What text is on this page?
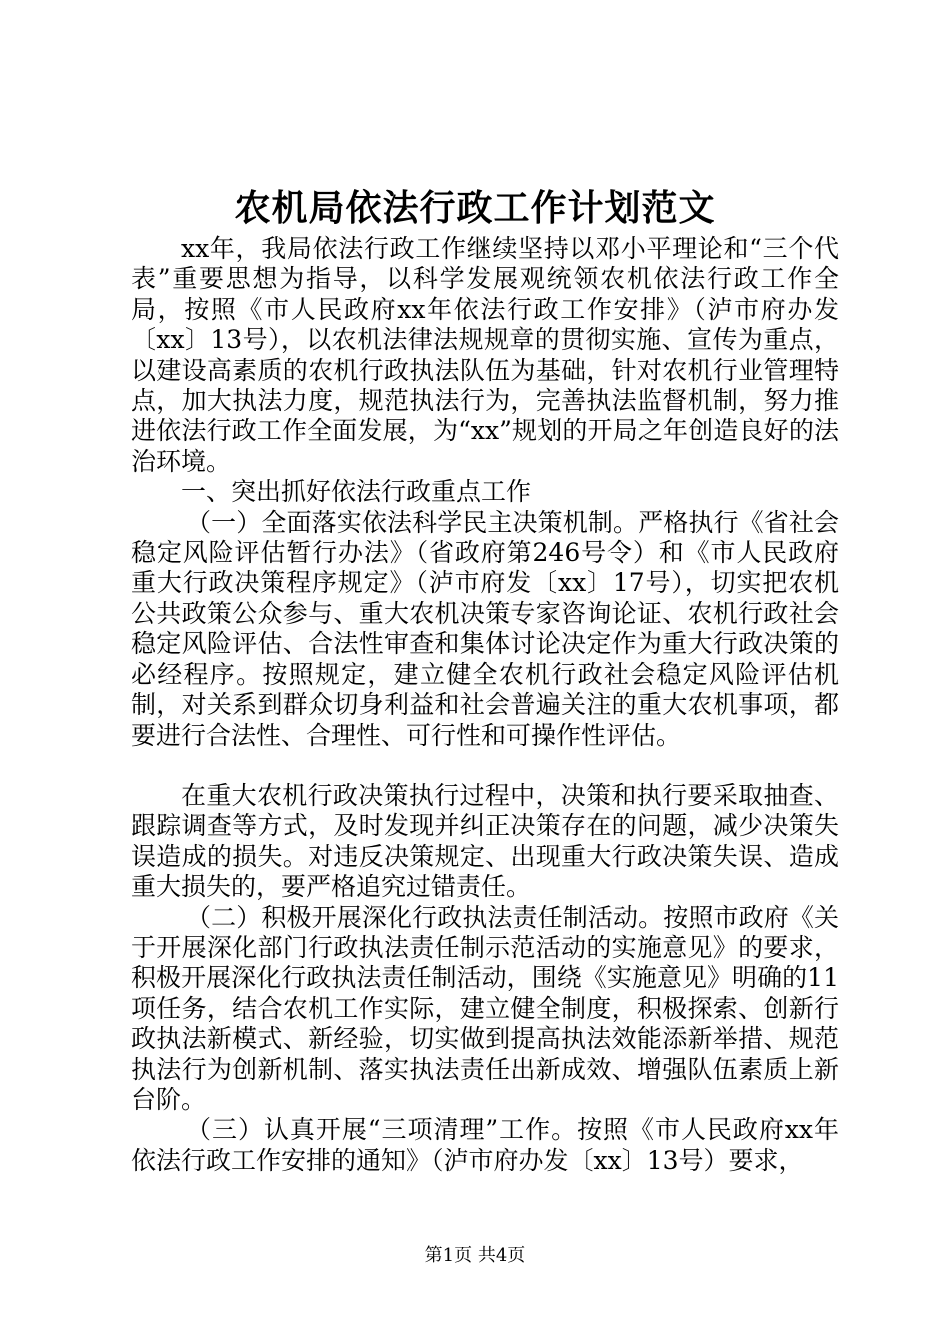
农机局依法行政工作计划范文

xx年，我局依法行政工作继续坚持以邓小平理论和“三个代表”重要思想为指导，以科学发展观统领农机依法行政工作全局，按照《市人民政府xx年依法行政工作安排》（泸市府办发〔xx〕13号），以农机法律法规规章的贯彻实施、宣传为重点，以建设高素质的农机行政执法队伍为基础，针对农机行业管理特点，加大执法力度，规范执法行为，完善执法监督机制，努力推进依法行政工作全面发展，为“xx”规划的开局之年创造良好的法治环境。

一、突出抓好依法行政重点工作

（一）全面落实依法科学民主决策机制。严格执行《省社会稳定风险评估暂行办法》（省政府第246号令）和《市人民政府重大行政决策程序规定》（泸市府发〔xx〕17号），切实把农机公共政策公众参与、重大农机决策专家咨询论证、农机行政社会稳定风险评估、合法性审查和集体讨论决定作为重大行政决策的必经程序。按照规定，建立健全农机行政社会稳定风险评估机制，对关系到群众切身利益和社会普遍关注的重大农机事项，都要进行合法性、合理性、可行性和可操作性评估。

在重大农机行政决策执行过程中，决策和执行要采取抽查、跟踪调查等方式，及时发现并纠正决策存在的问题，减少决策失误造成的损失。对违反决策规定、出现重大行政决策失误、造成重大损失的，要严格追究过错责任。

（二）积极开展深化行政执法责任制活动。按照市政府《关于开展深化部门行政执法责任制示范活动的实施意见》的要求，积极开展深化行政执法责任制活动，围绕《实施意见》明确的11项任务，结合农机工作实际，建立健全制度，积极探索、创新行政执法新模式、新经验，切实做到提高执法效能添新举措、规范执法行为创新机制、落实执法责任出新成效、增强队伍素质上新台阶。

（三）认真开展“三项清理”工作。按照《市人民政府xx年依法行政工作安排的通知》（泸市府办发〔xx〕13号）要求，

第1页 共4页
